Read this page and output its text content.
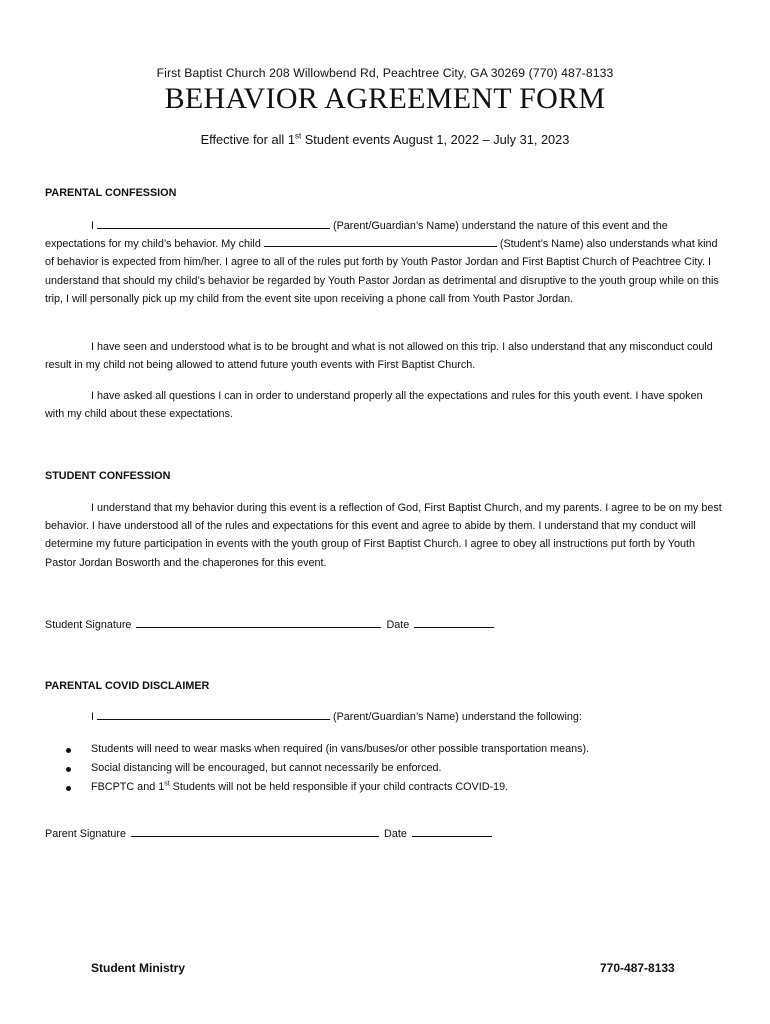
First Baptist Church 208 Willowbend Rd, Peachtree City, GA 30269 (770) 487-8133
BEHAVIOR AGREEMENT FORM
Effective for all 1st Student events August 1, 2022 – July 31, 2023
PARENTAL CONFESSION

I	(Parent/Guardian’s Name) understand the nature of this event and the expectations for my child’s behavior. My child	(Student’s Name) also understands what kind of behavior is expected from him/her. I agree to all of the rules put forth by Youth Pastor Jordan and First Baptist Church of Peachtree City. I understand that should my child’s behavior be regarded by Youth Pastor Jordan as detrimental and disruptive to the youth group while on this trip, I will personally pick up my child from the event site upon receiving a phone call from Youth Pastor Jordan.

I have seen and understood what is to be brought and what is not allowed on this trip. I also understand that any misconduct could result in my child not being allowed to attend future youth events with First Baptist Church.

I have asked all questions I can in order to understand properly all the expectations and rules for this youth event. I have spoken with my child about these expectations.

STUDENT CONFESSION

I understand that my behavior during this event is a reflection of God, First Baptist Church, and my parents. I agree to be on my best behavior. I have understood all of the rules and expectations for this event and agree to abide by them. I understand that my conduct will determine my future participation in events with the youth group of First Baptist Church. I agree to obey all instructions put forth by Youth Pastor Jordan Bosworth and the chaperones for this event.

Student Signature	Date
PARENTAL COVID DISCLAIMER

I	(Parent/Guardian’s Name) understand the following:

Students will need to wear masks when required (in vans/buses/or other possible transportation means).
Social distancing will be encouraged, but cannot necessarily be enforced.
FBCPTC and 1st Students will not be held responsible if your child contracts COVID-19.
Parent Signature	Date
Student Ministry	770-487-8133
